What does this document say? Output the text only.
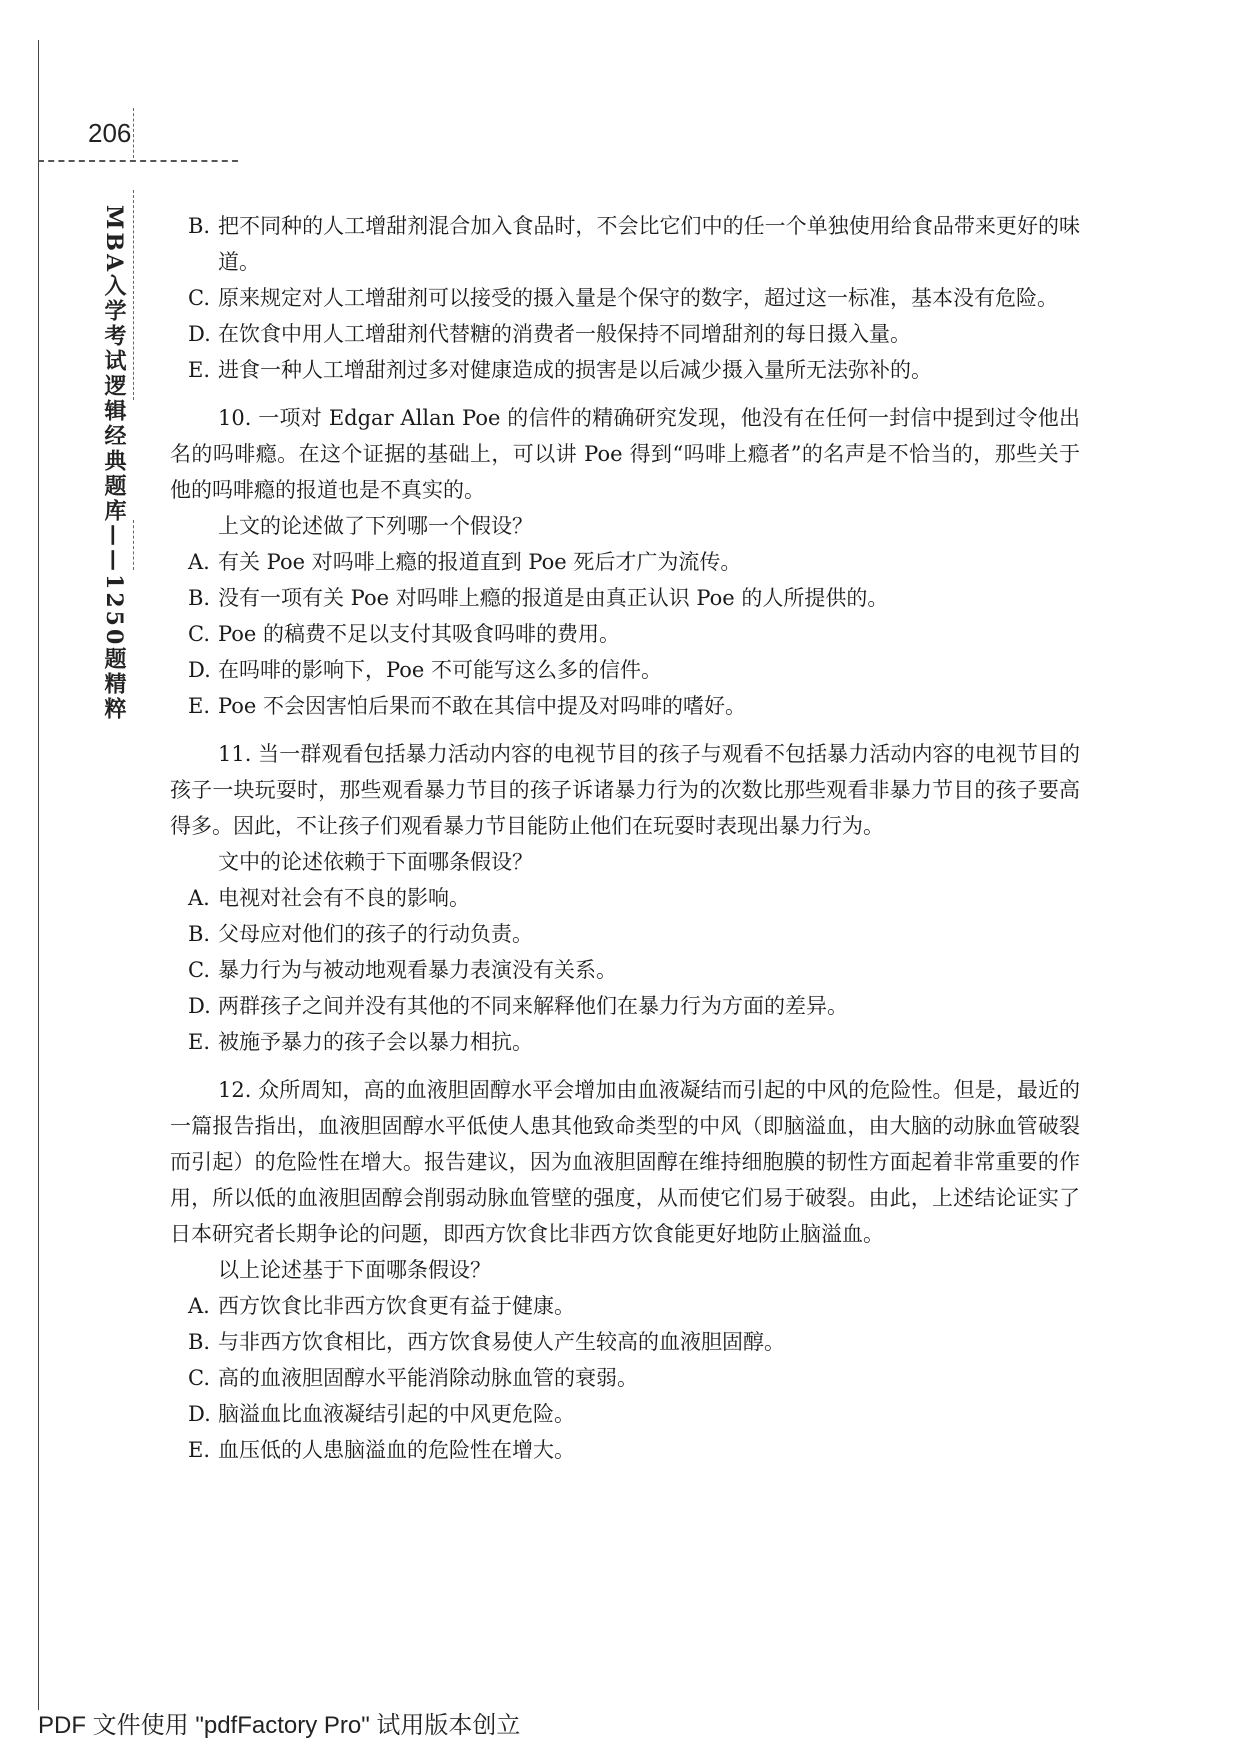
206
MBA入学考试逻辑经典题库——1250题精粹	B. 把不同种的人工增甜剂混合加入食品时，不会比它们中的任一个单独使用给食品带来更好的味道。

C. 原来规定对人工增甜剂可以接受的摄入量是个保守的数字，超过这一标准，基本没有危险。

D. 在饮食中用人工增甜剂代替糖的消费者一般保持不同增甜剂的每日摄入量。

E. 进食一种人工增甜剂过多对健康造成的损害是以后减少摄入量所无法弥补的。

10. 一项对 Edgar Allan Poe 的信件的精确研究发现，他没有在任何一封信中提到过令他出名的吗啡瘾。在这个证据的基础上，可以讲 Poe 得到“吗啡上瘾者”的名声是不恰当的，那些关于他的吗啡瘾的报道也是不真实的。

上文的论述做了下列哪一个假设？

A. 有关 Poe 对吗啡上瘾的报道直到 Poe 死后才广为流传。

B. 没有一项有关 Poe 对吗啡上瘾的报道是由真正认识 Poe 的人所提供的。

C. Poe 的稿费不足以支付其吸食吗啡的费用。

D. 在吗啡的影响下，Poe 不可能写这么多的信件。

E. Poe 不会因害怕后果而不敢在其信中提及对吗啡的嗜好。

11. 当一群观看包括暴力活动内容的电视节目的孩子与观看不包括暴力活动内容的电视节目的孩子一块玩耍时，那些观看暴力节目的孩子诉诸暴力行为的次数比那些观看非暴力节目的孩子要高得多。因此，不让孩子们观看暴力节目能防止他们在玩耍时表现出暴力行为。

文中的论述依赖于下面哪条假设？

A. 电视对社会有不良的影响。

B. 父母应对他们的孩子的行动负责。

C. 暴力行为与被动地观看暴力表演没有关系。

D. 两群孩子之间并没有其他的不同来解释他们在暴力行为方面的差异。

E. 被施予暴力的孩子会以暴力相抗。

12. 众所周知，高的血液胆固醇水平会增加由血液凝结而引起的中风的危险性。但是，最近的一篇报告指出，血液胆固醇水平低使人患其他致命类型的中风（即脑溢血，由大脑的动脉血管破裂而引起）的危险性在增大。报告建议，因为血液胆固醇在维持细胞膜的韧性方面起着非常重要的作用，所以低的血液胆固醇会削弱动脉血管壁的强度，从而使它们易于破裂。由此，上述结论证实了日本研究者长期争论的问题，即西方饮食比非西方饮食能更好地防止脑溢血。

以上论述基于下面哪条假设？

A. 西方饮食比非西方饮食更有益于健康。

B. 与非西方饮食相比，西方饮食易使人产生较高的血液胆固醇。

C. 高的血液胆固醇水平能消除动脉血管的衰弱。

D. 脑溢血比血液凝结引起的中风更危险。

E. 血压低的人患脑溢血的危险性在增大。

PDF 文件使用 "pdfFactory Pro" 试用版本创立
